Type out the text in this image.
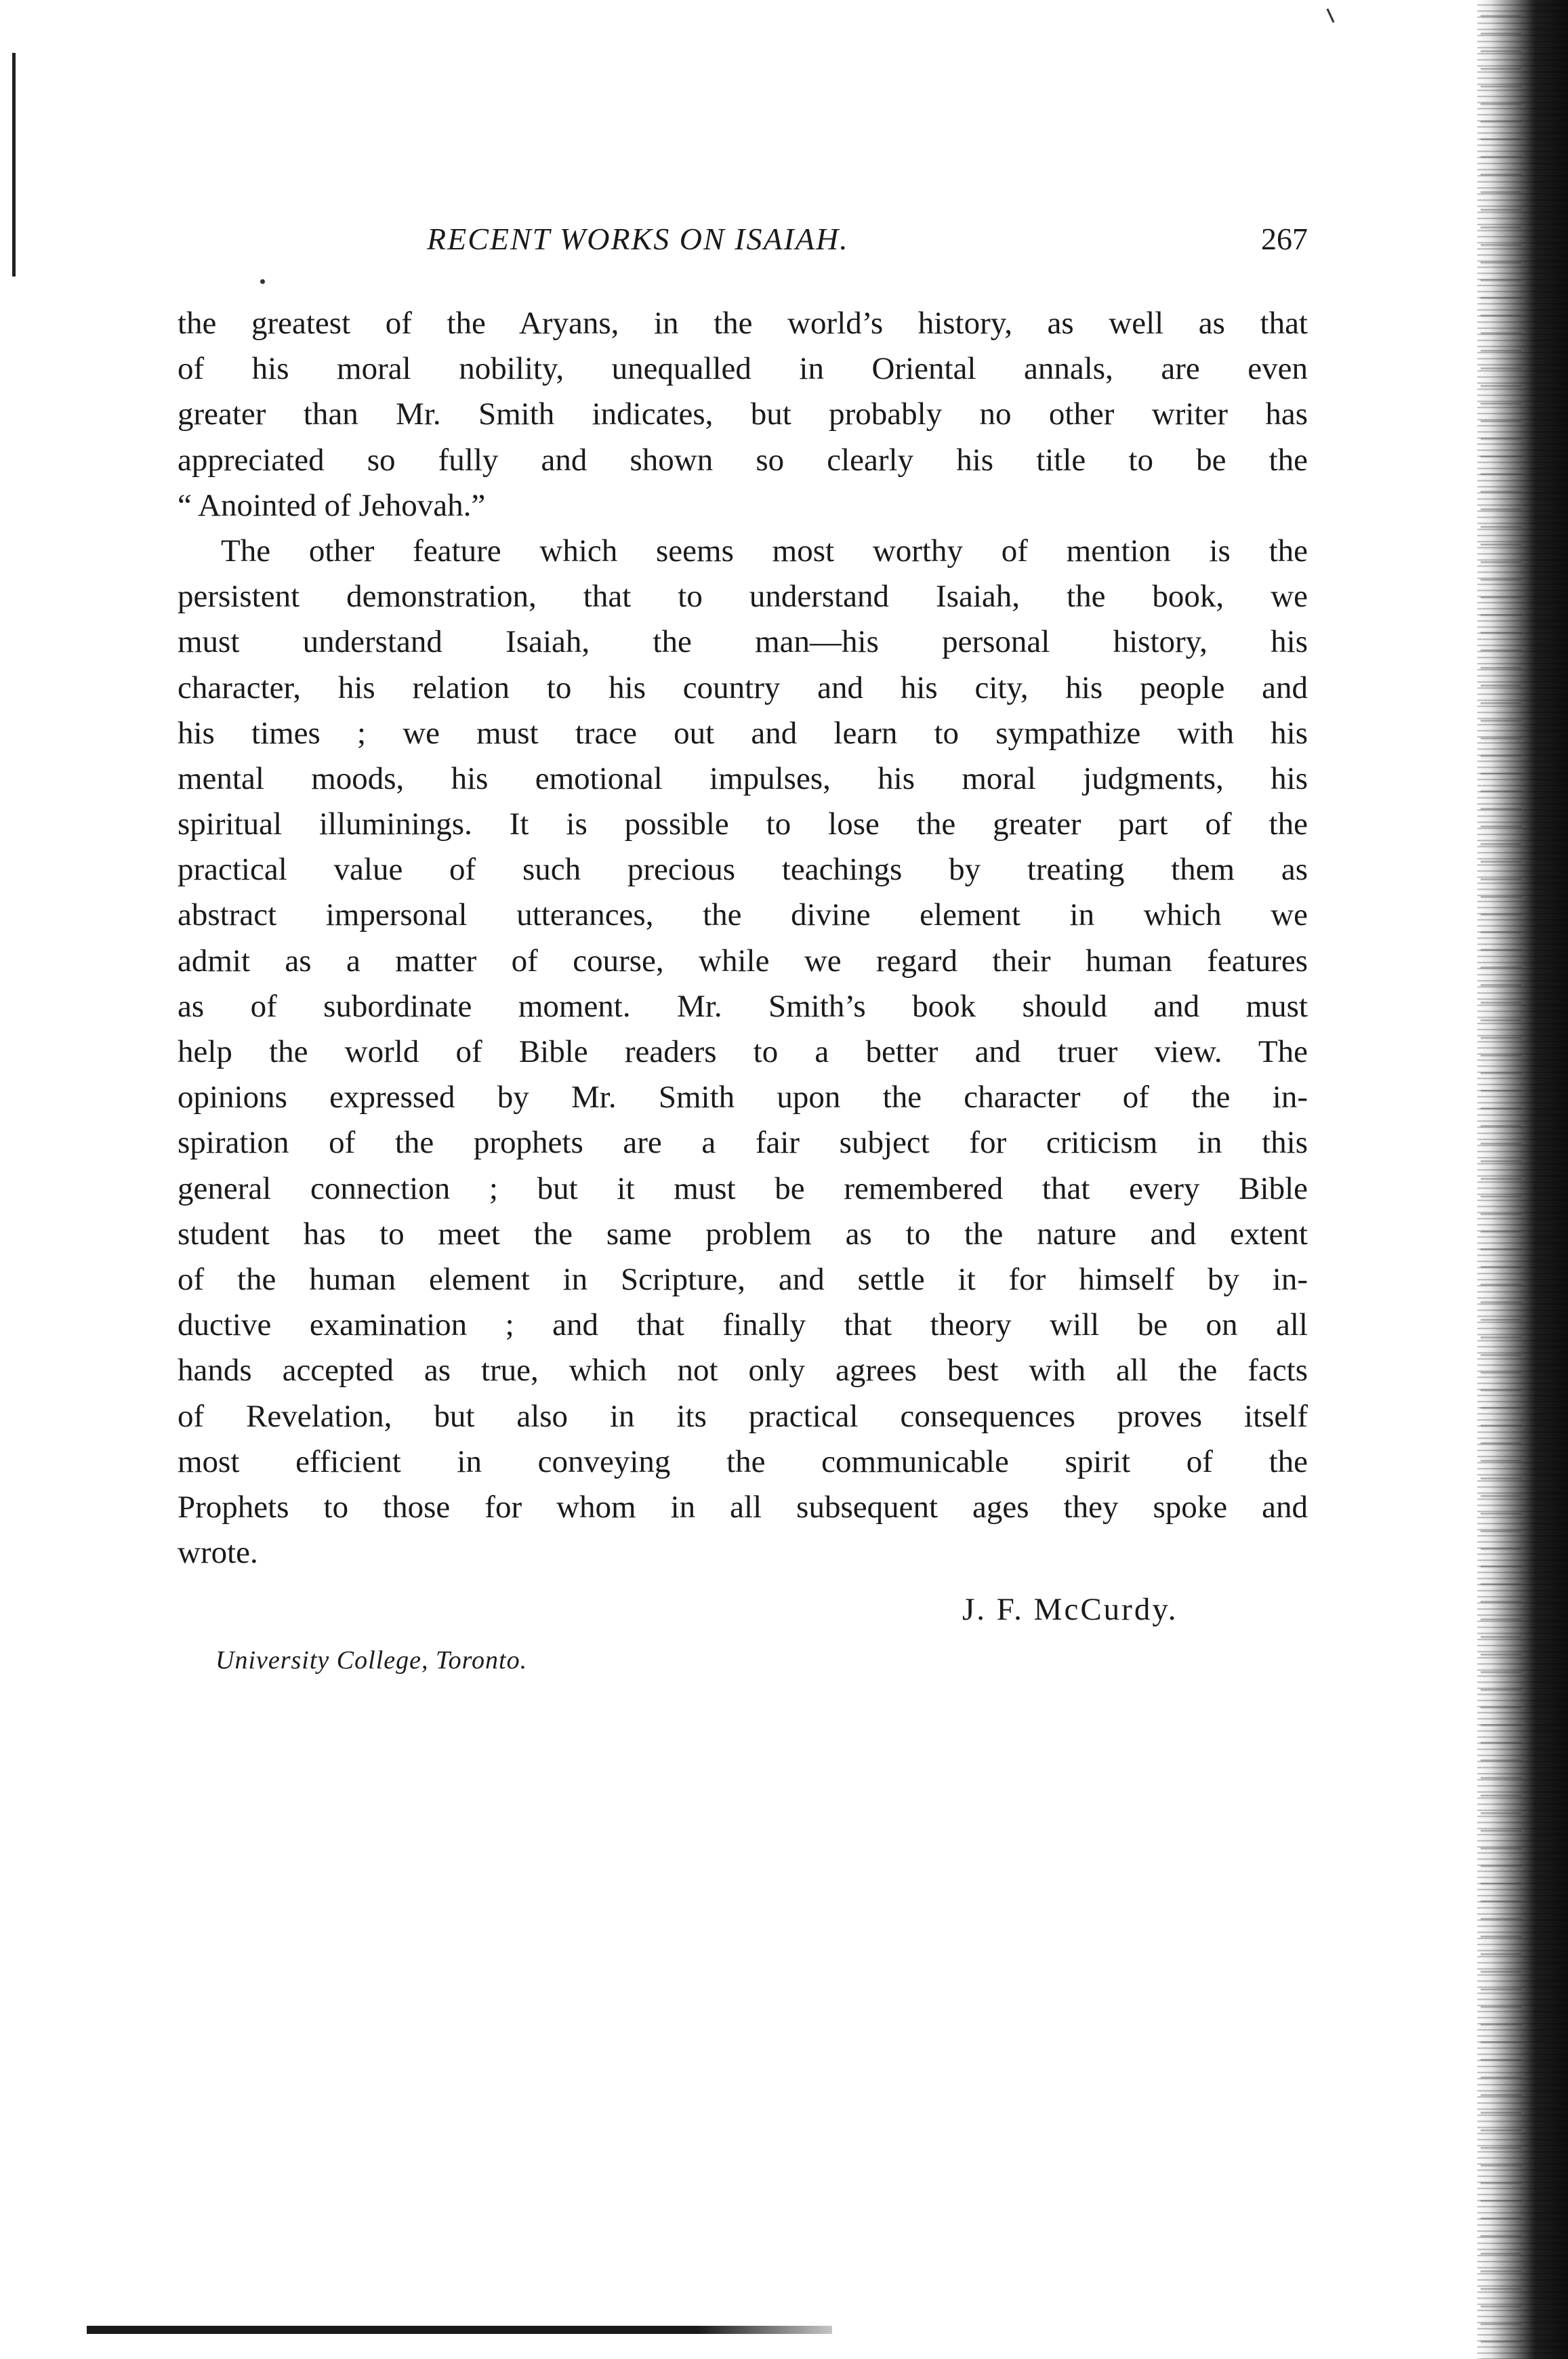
RECENT WORKS ON ISAIAH.	267
the greatest of the Aryans, in the world’s history, as well as that
of his moral nobility, unequalled in Oriental annals, are even
greater than Mr. Smith indicates, but probably no other writer has
appreciated so fully and shown so clearly his title to be the
“ Anointed of Jehovah.”
The other feature which seems most worthy of mention is the
persistent demonstration, that to understand Isaiah, the book, we
must understand Isaiah, the man—his personal history, his
character, his relation to his country and his city, his people and
his times ; we must trace out and learn to sympathize with his
mental moods, his emotional impulses, his moral judgments, his
spiritual illuminings. It is possible to lose the greater part of the
practical value of such precious teachings by treating them as
abstract impersonal utterances, the divine element in which we
admit as a matter of course, while we regard their human features
as of subordinate moment. Mr. Smith’s book should and must
help the world of Bible readers to a better and truer view. The
opinions expressed by Mr. Smith upon the character of the in-
spiration of the prophets are a fair subject for criticism in this
general connection ; but it must be remembered that every Bible
student has to meet the same problem as to the nature and extent
of the human element in Scripture, and settle it for himself by in-
ductive examination ; and that finally that theory will be on all
hands accepted as true, which not only agrees best with all the facts
of Revelation, but also in its practical consequences proves itself
most efficient in conveying the communicable spirit of the
Prophets to those for whom in all subsequent ages they spoke and
wrote.
J. F. McCurdy.
University College, Toronto.
